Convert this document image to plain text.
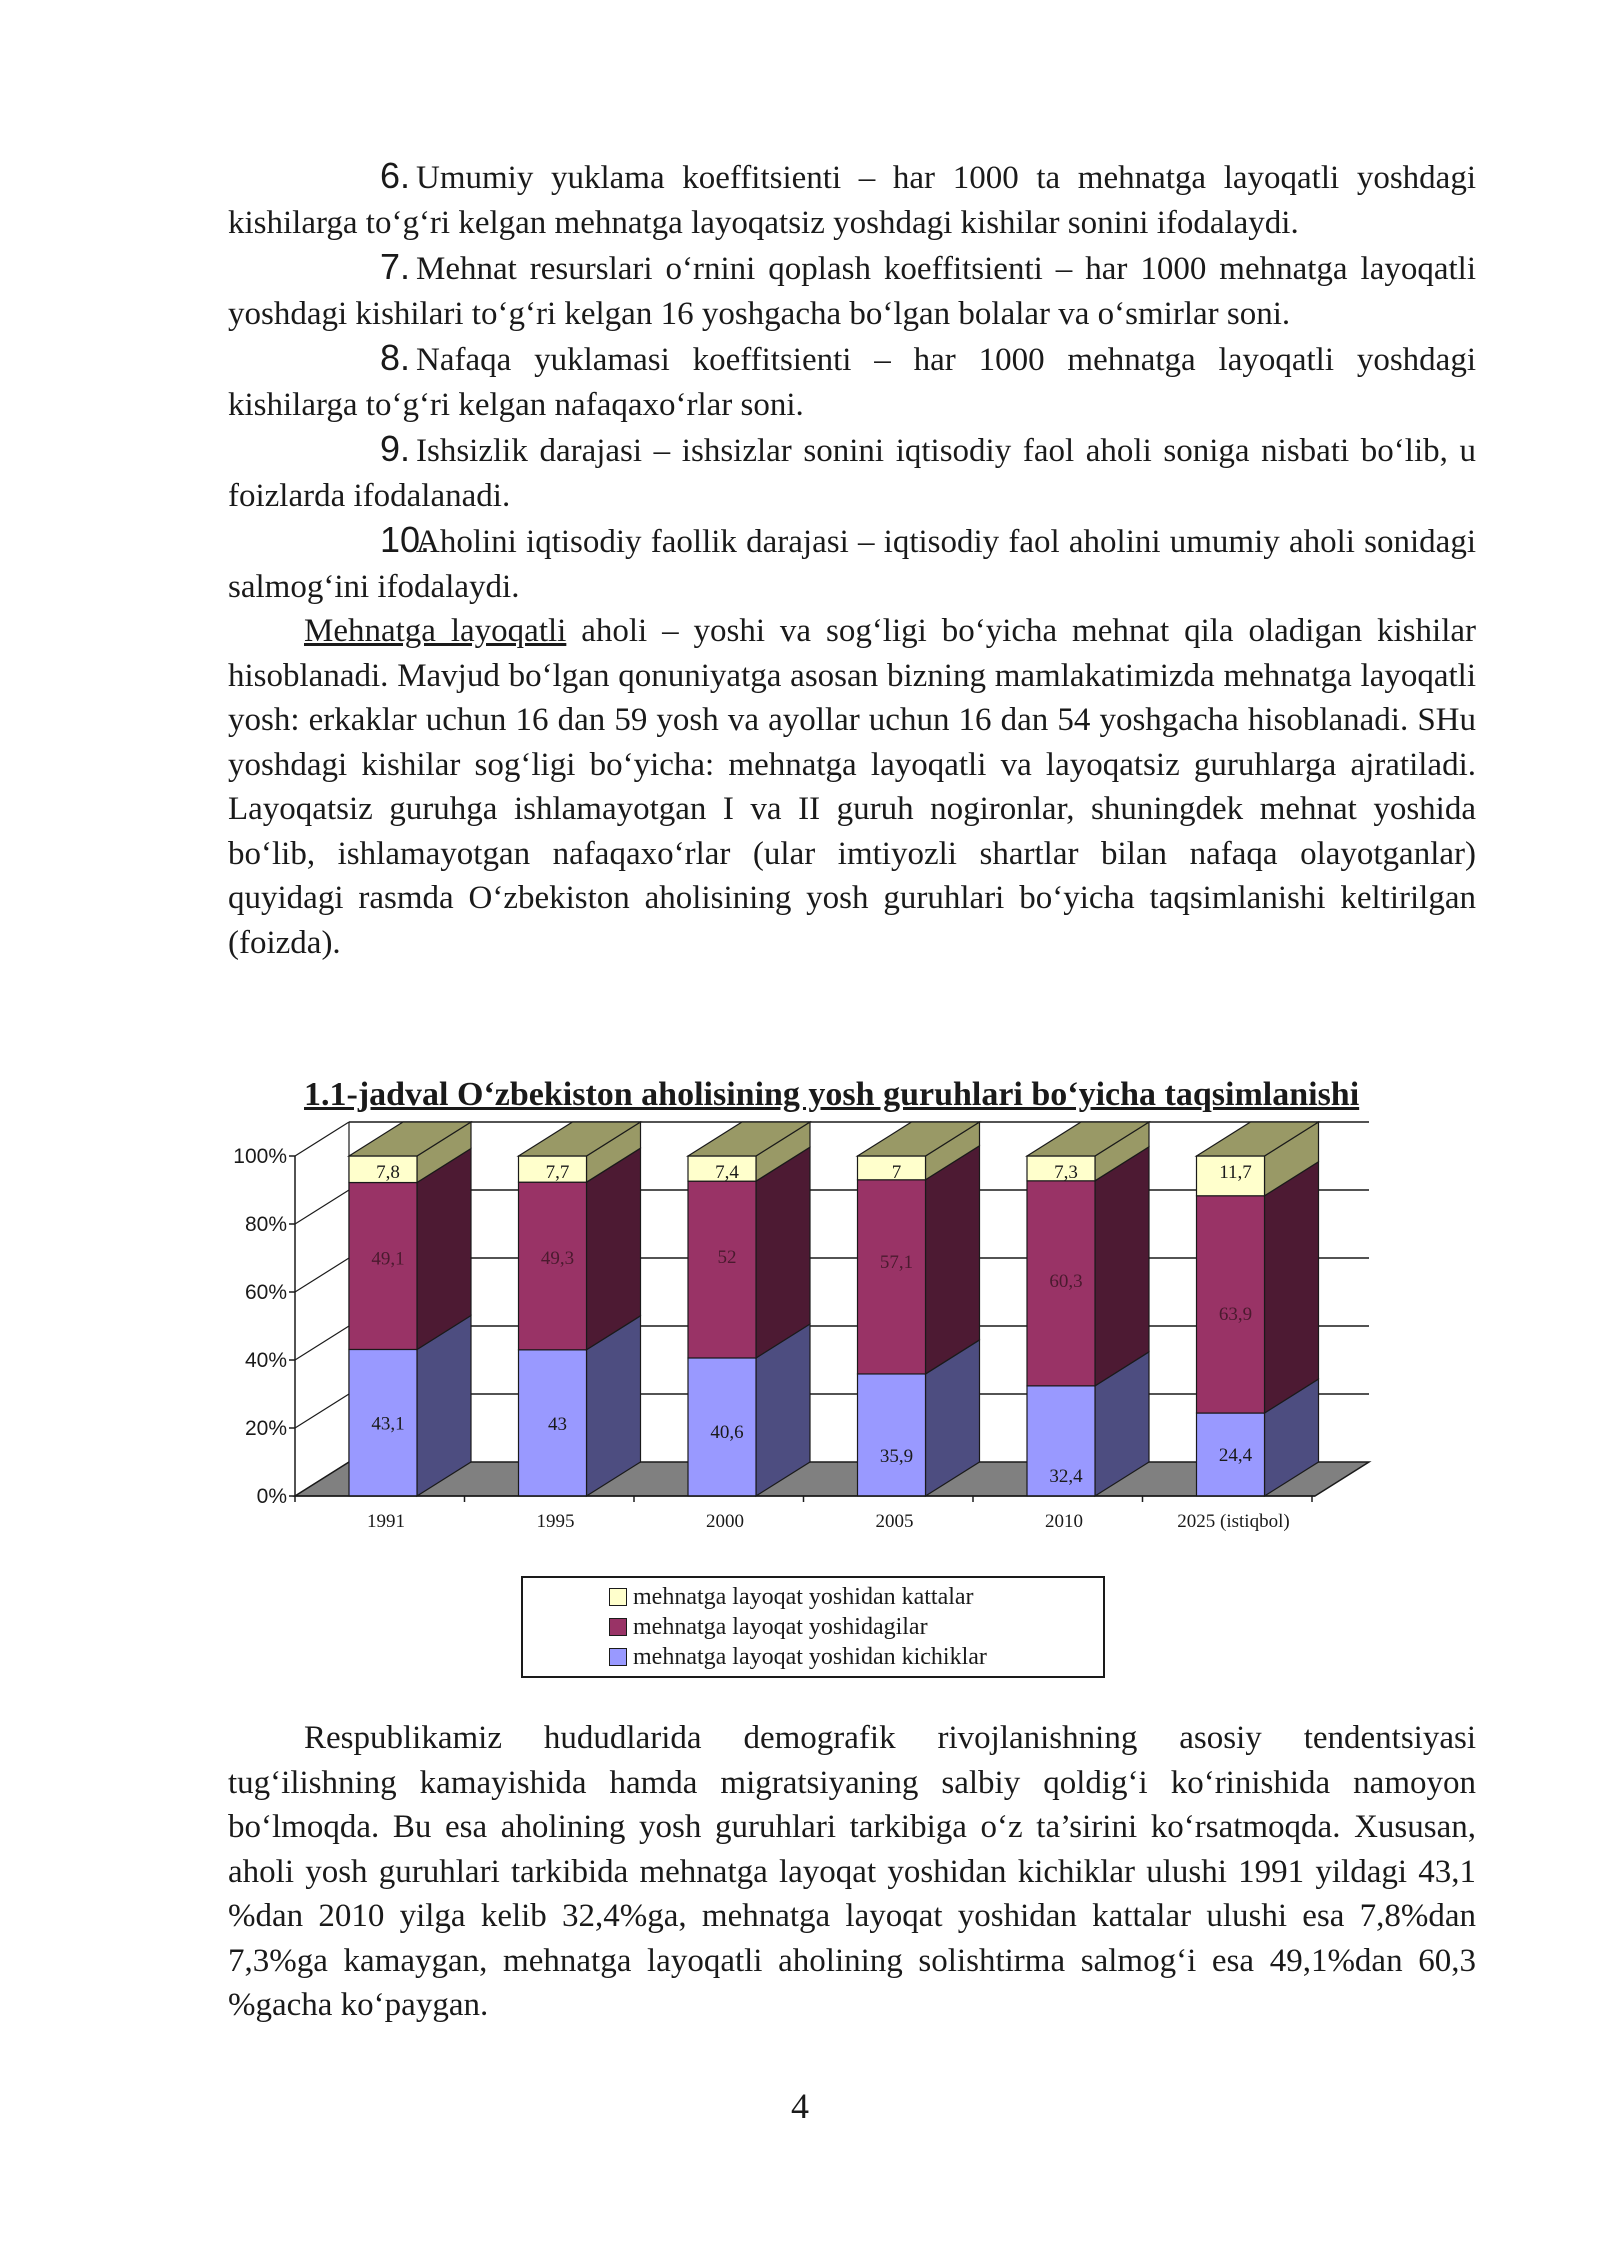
6. Umumiy yuklama koeffitsienti – har 1000 ta mehnatga layoqatli yoshdagi kishilarga to‘g‘ri kelgan mehnatga layoqatsiz yoshdagi kishilar sonini ifodalaydi.

7. Mehnat resurslari o‘rnini qoplash koeffitsienti – har 1000 mehnatga layoqatli yoshdagi kishilari to‘g‘ri kelgan 16 yoshgacha bo‘lgan bolalar va o‘smirlar soni.

8. Nafaqa yuklamasi koeffitsienti – har 1000 mehnatga layoqatli yoshdagi kishilarga to‘g‘ri kelgan nafaqaxo‘rlar soni.

9. Ishsizlik darajasi – ishsizlar sonini iqtisodiy faol aholi soniga nisbati bo‘lib, u foizlarda ifodalanadi.

10.Aholini iqtisodiy faollik darajasi – iqtisodiy faol aholini umumiy aholi sonidagi salmog‘ini ifodalaydi.

Mehnatga layoqatli aholi – yoshi va sog‘ligi bo‘yicha mehnat qila oladigan kishilar hisoblanadi. Mavjud bo‘lgan qonuniyatga asosan bizning mamlakatimizda mehnatga layoqatli yosh: erkaklar uchun 16 dan 59 yosh va ayollar uchun 16 dan 54 yoshgacha hisoblanadi. SHu yoshdagi kishilar sog‘ligi bo‘yicha: mehnatga layoqatli va layoqatsiz guruhlarga ajratiladi. Layoqatsiz guruhga ishlamayotgan I va II guruh nogironlar, shuningdek mehnat yoshida bo‘lib, ishlamayotgan nafaqaxo‘rlar (ular imtiyozli shartlar bilan nafaqa olayotganlar) quyidagi rasmda O‘zbekiston aholisining yosh guruhlari bo‘yicha taqsimlanishi keltirilgan (foizda).

1.1-jadval O‘zbekiston aholisining yosh guruhlari bo‘yicha taqsimlanishi
0%
20%
40%
60%
80%
100%
43,1
49,1
7,8
43
49,3
7,7
40,6
52
7,4
35,9
57,1
7
32,4
60,3
7,3
24,4
63,9
11,7
1991	1995	2000	2005	2010	2025 (istiqbol)
mehnatga layoqat yoshidan kattalar
mehnatga layoqat yoshidagilar
mehnatga layoqat yoshidan kichiklar

Respublikamiz hududlarida demografik rivojlanishning asosiy tendentsiyasi tug‘ilishning kamayishida hamda migratsiyaning salbiy qoldig‘i ko‘rinishida namoyon bo‘lmoqda. Bu esa aholining yosh guruhlari tarkibiga o‘z ta’sirini ko‘rsatmoqda. Xususan, aholi yosh guruhlari tarkibida mehnatga layoqat yoshidan kichiklar ulushi 1991 yildagi 43,1 %dan 2010 yilga kelib 32,4%ga, mehnatga layoqat yoshidan kattalar ulushi esa 7,8%dan 7,3%ga kamaygan, mehnatga layoqatli aholining solishtirma salmog‘i esa 49,1%dan 60,3 %gacha ko‘paygan.

4
